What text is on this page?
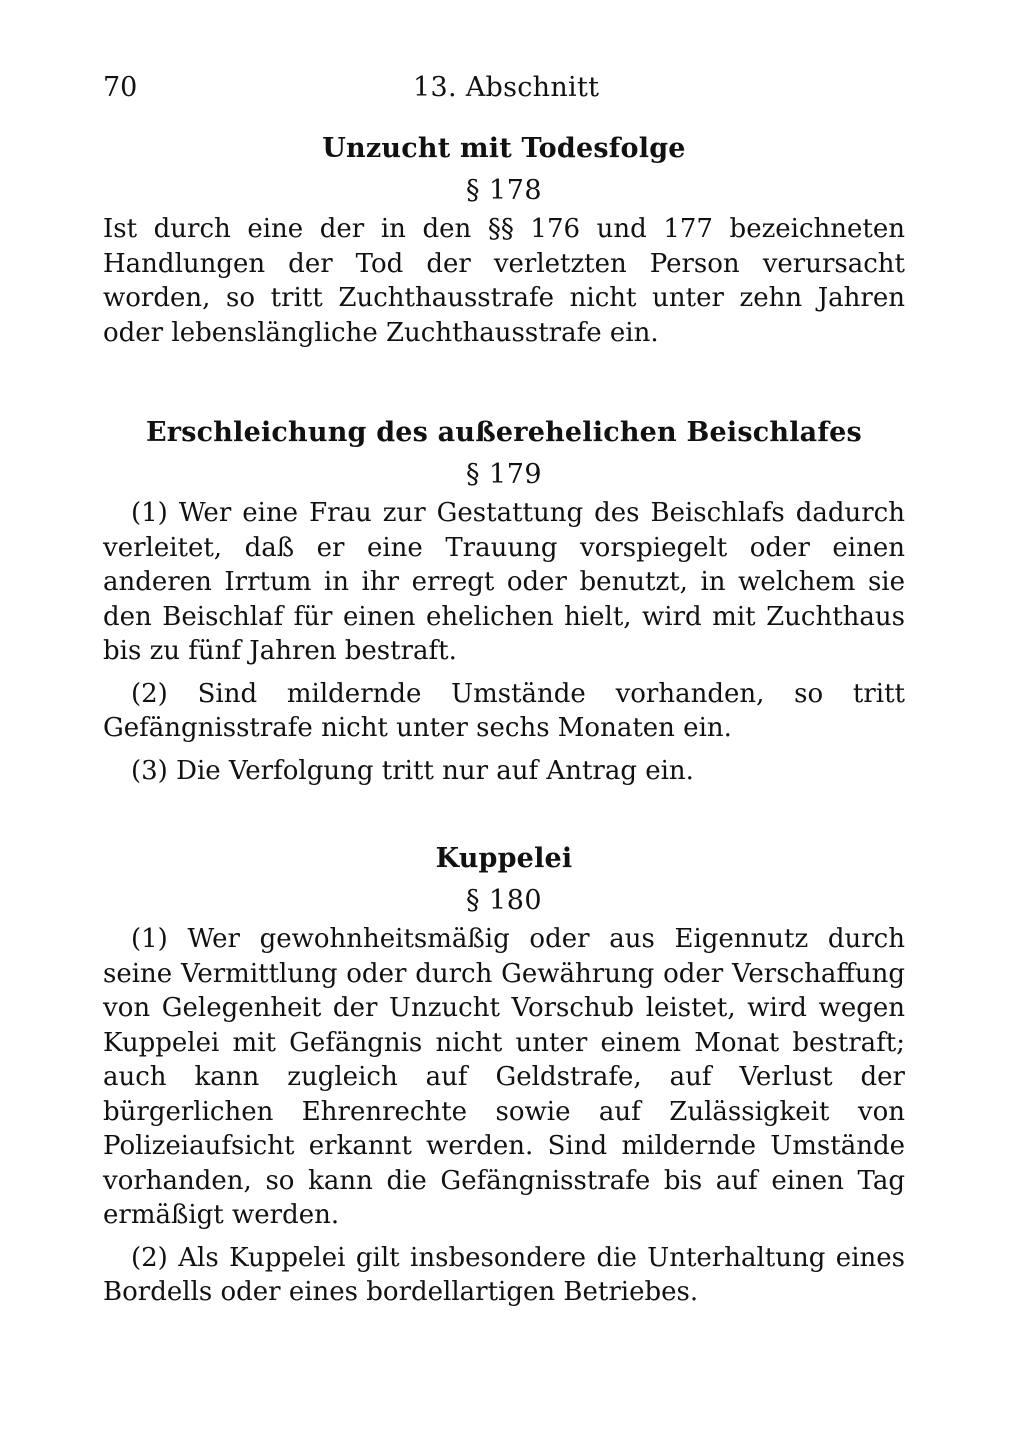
70	13. Abschnitt
Unzucht mit Todesfolge
§ 178

Ist durch eine der in den §§ 176 und 177 bezeichneten Handlungen der Tod der verletzten Person verursacht worden, so tritt Zuchthausstrafe nicht unter zehn Jahren oder lebenslängliche Zuchthausstrafe ein.

Erschleichung des außerehelichen Beischlafes
§ 179

(1) Wer eine Frau zur Gestattung des Beischlafs dadurch verleitet, daß er eine Trauung vorspiegelt oder einen anderen Irrtum in ihr erregt oder benutzt, in welchem sie den Beischlaf für einen ehelichen hielt, wird mit Zuchthaus bis zu fünf Jahren bestraft.

(2) Sind mildernde Umstände vorhanden, so tritt Gefängnisstrafe nicht unter sechs Monaten ein.

(3) Die Verfolgung tritt nur auf Antrag ein.

Kuppelei
§ 180

(1) Wer gewohnheitsmäßig oder aus Eigennutz durch seine Vermittlung oder durch Gewährung oder Verschaffung von Gelegenheit der Unzucht Vorschub leistet, wird wegen Kuppelei mit Gefängnis nicht unter einem Monat bestraft; auch kann zugleich auf Geldstrafe, auf Verlust der bürgerlichen Ehrenrechte sowie auf Zulässigkeit von Polizeiaufsicht erkannt werden. Sind mildernde Umstände vorhanden, so kann die Gefängnisstrafe bis auf einen Tag ermäßigt werden.

(2) Als Kuppelei gilt insbesondere die Unterhaltung eines Bordells oder eines bordellartigen Betriebes.
